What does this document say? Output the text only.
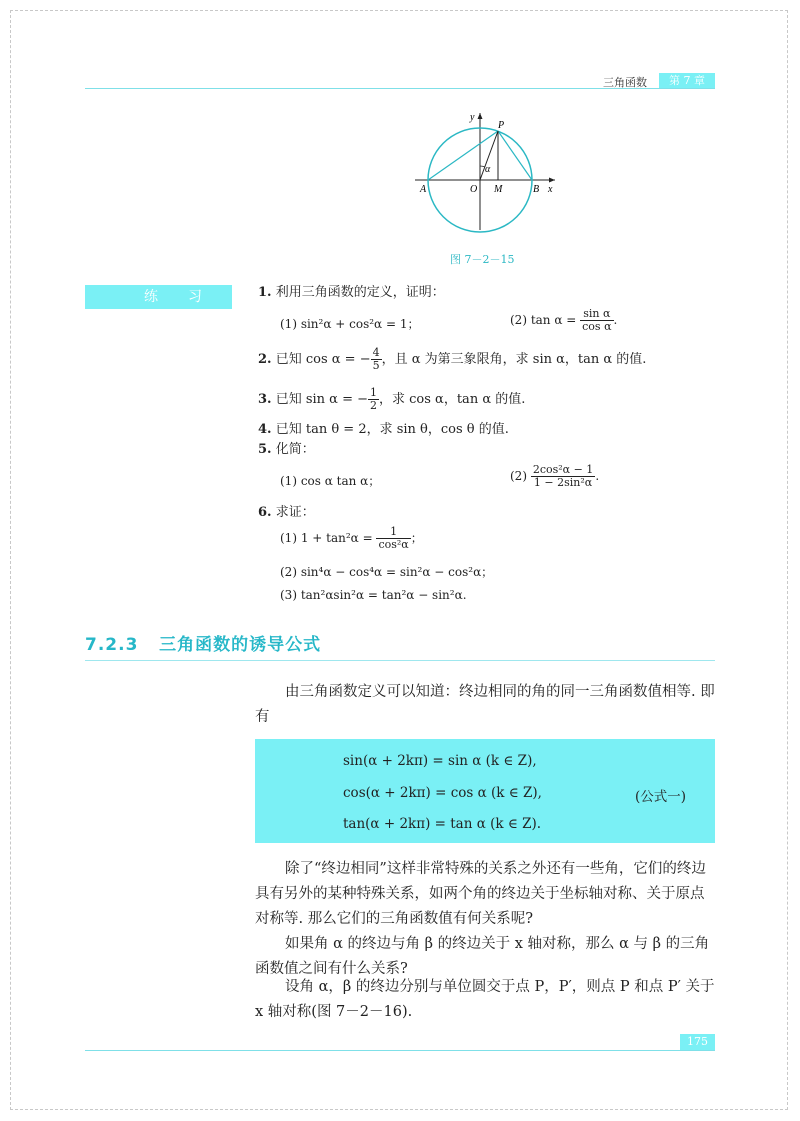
三角函数	第 7 章
y
x
P
α
A	O M	B
图 7－2－15
练习 1. 利用三角函数的定义，证明：
(1) sin²α + cos²α = 1；	(2) $\tan \alpha = \frac{\text{sin α}}{\text{cos α}}$ .
2. 已知 cos α = − $\frac{4}{5}$ ，且 α 为第三象限角，求 sin α，tan α 的值.
3. 已知 sin α = − $\frac{1}{2}$ ，求 cos α，tan α 的值.
4. 已知 tan θ = 2，求 sin θ，cos θ 的值.
5. 化简：
(1) cos α tan α；	$(2) \frac{\text{2cos²α − 1}}{\text{1 − 2sin²α}}$ .
6. 求证：
(1) $1 + \tan^2\alpha = \frac{1}{\text{cos²α}}$ ；
(2) sin⁴α − cos⁴α = sin²α − cos²α；
(3) tan²αsin²α = tan²α − sin²α.
7.2.3 三角函数的诱导公式
由三角函数定义可以知道：终边相同的角的同一三角函数值相等. 即有
sin(α + 2kπ) = sin α (k ∈ Z),
cos(α + 2kπ) = cos α (k ∈ Z),
tan(α + 2kπ) = tan α (k ∈ Z).
(公式一)
除了“终边相同”这样非常特殊的关系之外还有一些角，它们的终边具有另外的某种特殊关系，如两个角的终边关于坐标轴对称、关于原点对称等. 那么它们的三角函数值有何关系呢?
如果角 α 的终边与角 β 的终边关于 x 轴对称，那么 α 与 β 的三角函数值之间有什么关系?
设角 α，β 的终边分别与单位圆交于点 P，P′，则点 P 和点 P′ 关于 x 轴对称(图 7－2－16).
175
